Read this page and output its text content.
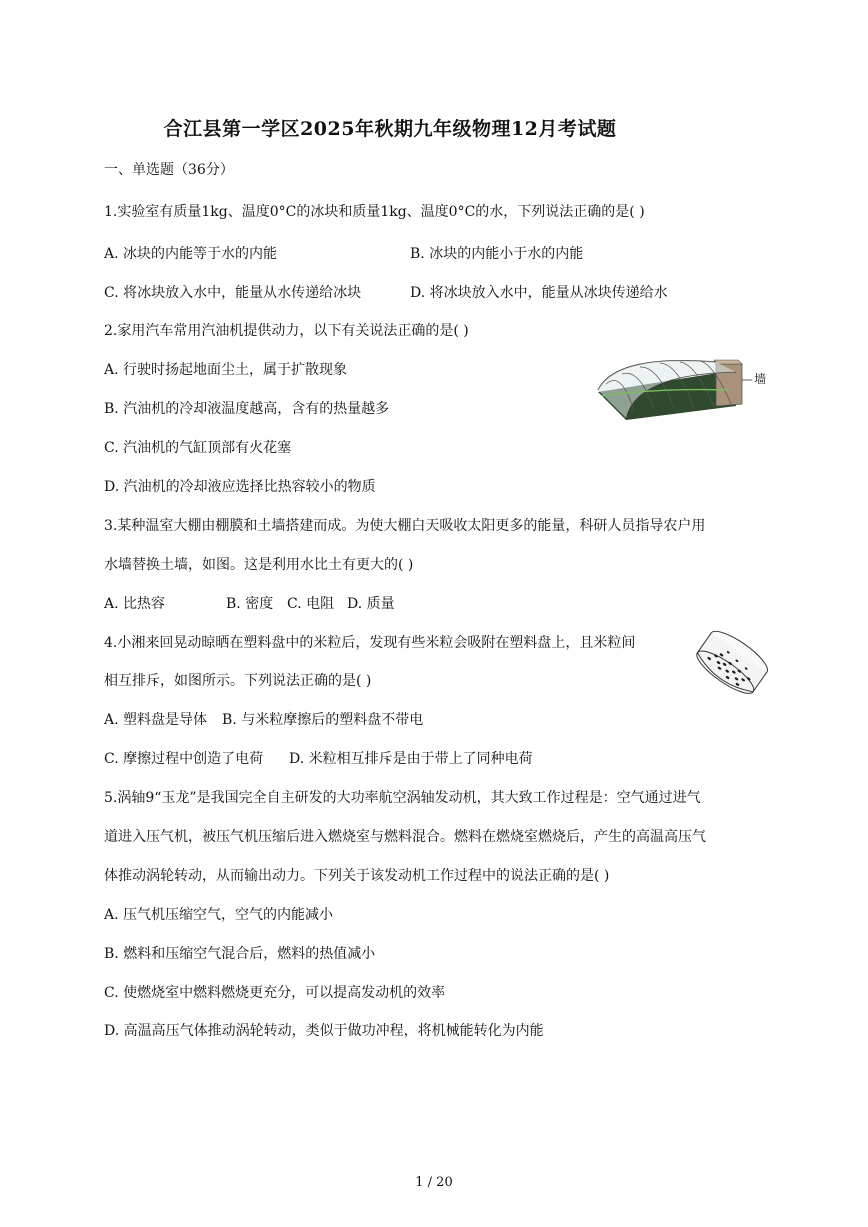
合江县第一学区2025年秋期九年级物理12月考试题
一、单选题（36分）
1.实验室有质量1kg、温度0°C的冰块和质量1kg、温度0°C的水，下列说法正确的是( )
A. 冰块的内能等于水的内能	B. 冰块的内能小于水的内能
C. 将冰块放入水中，能量从水传递给冰块	D. 将冰块放入水中，能量从冰块传递给水
2.家用汽车常用汽油机提供动力，以下有关说法正确的是( )
A. 行驶时扬起地面尘土，属于扩散现象
B. 汽油机的冷却液温度越高，含有的热量越多
C. 汽油机的气缸顶部有火花塞
D. 汽油机的冷却液应选择比热容较小的物质
墙
3.某种温室大棚由棚膜和土墙搭建而成。为使大棚白天吸收太阳更多的能量，科研人员指导农户用
水墙替换土墙，如图。这是利用水比土有更大的( )
A. 比热容	B. 密度 C. 电阻 D. 质量
4.小湘来回晃动晾晒在塑料盘中的米粒后，发现有些米粒会吸附在塑料盘上，且米粒间
相互排斥，如图所示。下列说法正确的是( )
A. 塑料盘是导体 B. 与米粒摩擦后的塑料盘不带电
C. 摩擦过程中创造了电荷 D. 米粒相互排斥是由于带上了同种电荷
5.涡轴9“玉龙”是我国完全自主研发的大功率航空涡轴发动机，其大致工作过程是：空气通过进气
道进入压气机，被压气机压缩后进入燃烧室与燃料混合。燃料在燃烧室燃烧后，产生的高温高压气
体推动涡轮转动，从而输出动力。下列关于该发动机工作过程中的说法正确的是( )
A. 压气机压缩空气，空气的内能减小
B. 燃料和压缩空气混合后，燃料的热值减小
C. 使燃烧室中燃料燃烧更充分，可以提高发动机的效率
D. 高温高压气体推动涡轮转动，类似于做功冲程，将机械能转化为内能
1 / 20
